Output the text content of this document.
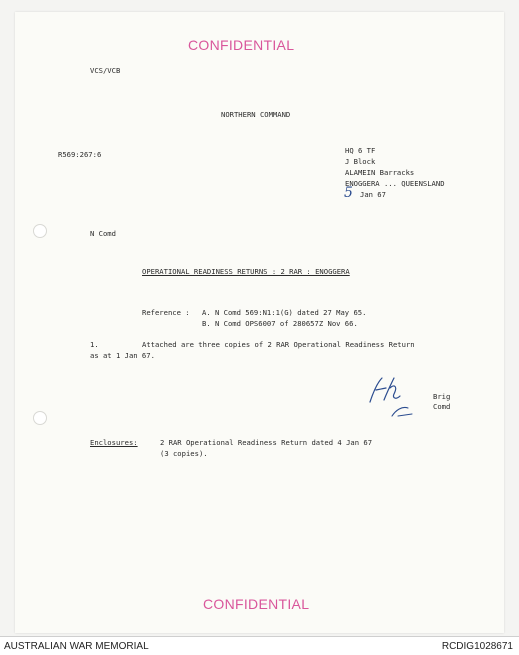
CONFIDENTIAL
VCS/VCB
NORTHERN COMMAND
R569:267:6	HQ 6 TF
J Block
ALAMEIN Barracks
ENOGGERA ... QUEENSLAND
5 Jan 67
N Comd
OPERATIONAL READINESS RETURNS : 2 RAR : ENOGGERA
Reference : A. N Comd 569:N1:1(G) dated 27 May 65.
B. N Comd OPS6007 of 280657Z Nov 66.
1.	Attached are three copies of 2 RAR Operational Readiness Return
as at 1 Jan 67.
Brig
Comd
Enclosures:	2 RAR Operational Readiness Return dated 4 Jan 67
(3 copies).
CONFIDENTIAL
AUSTRALIAN WAR MEMORIAL	RCDIG1028671
